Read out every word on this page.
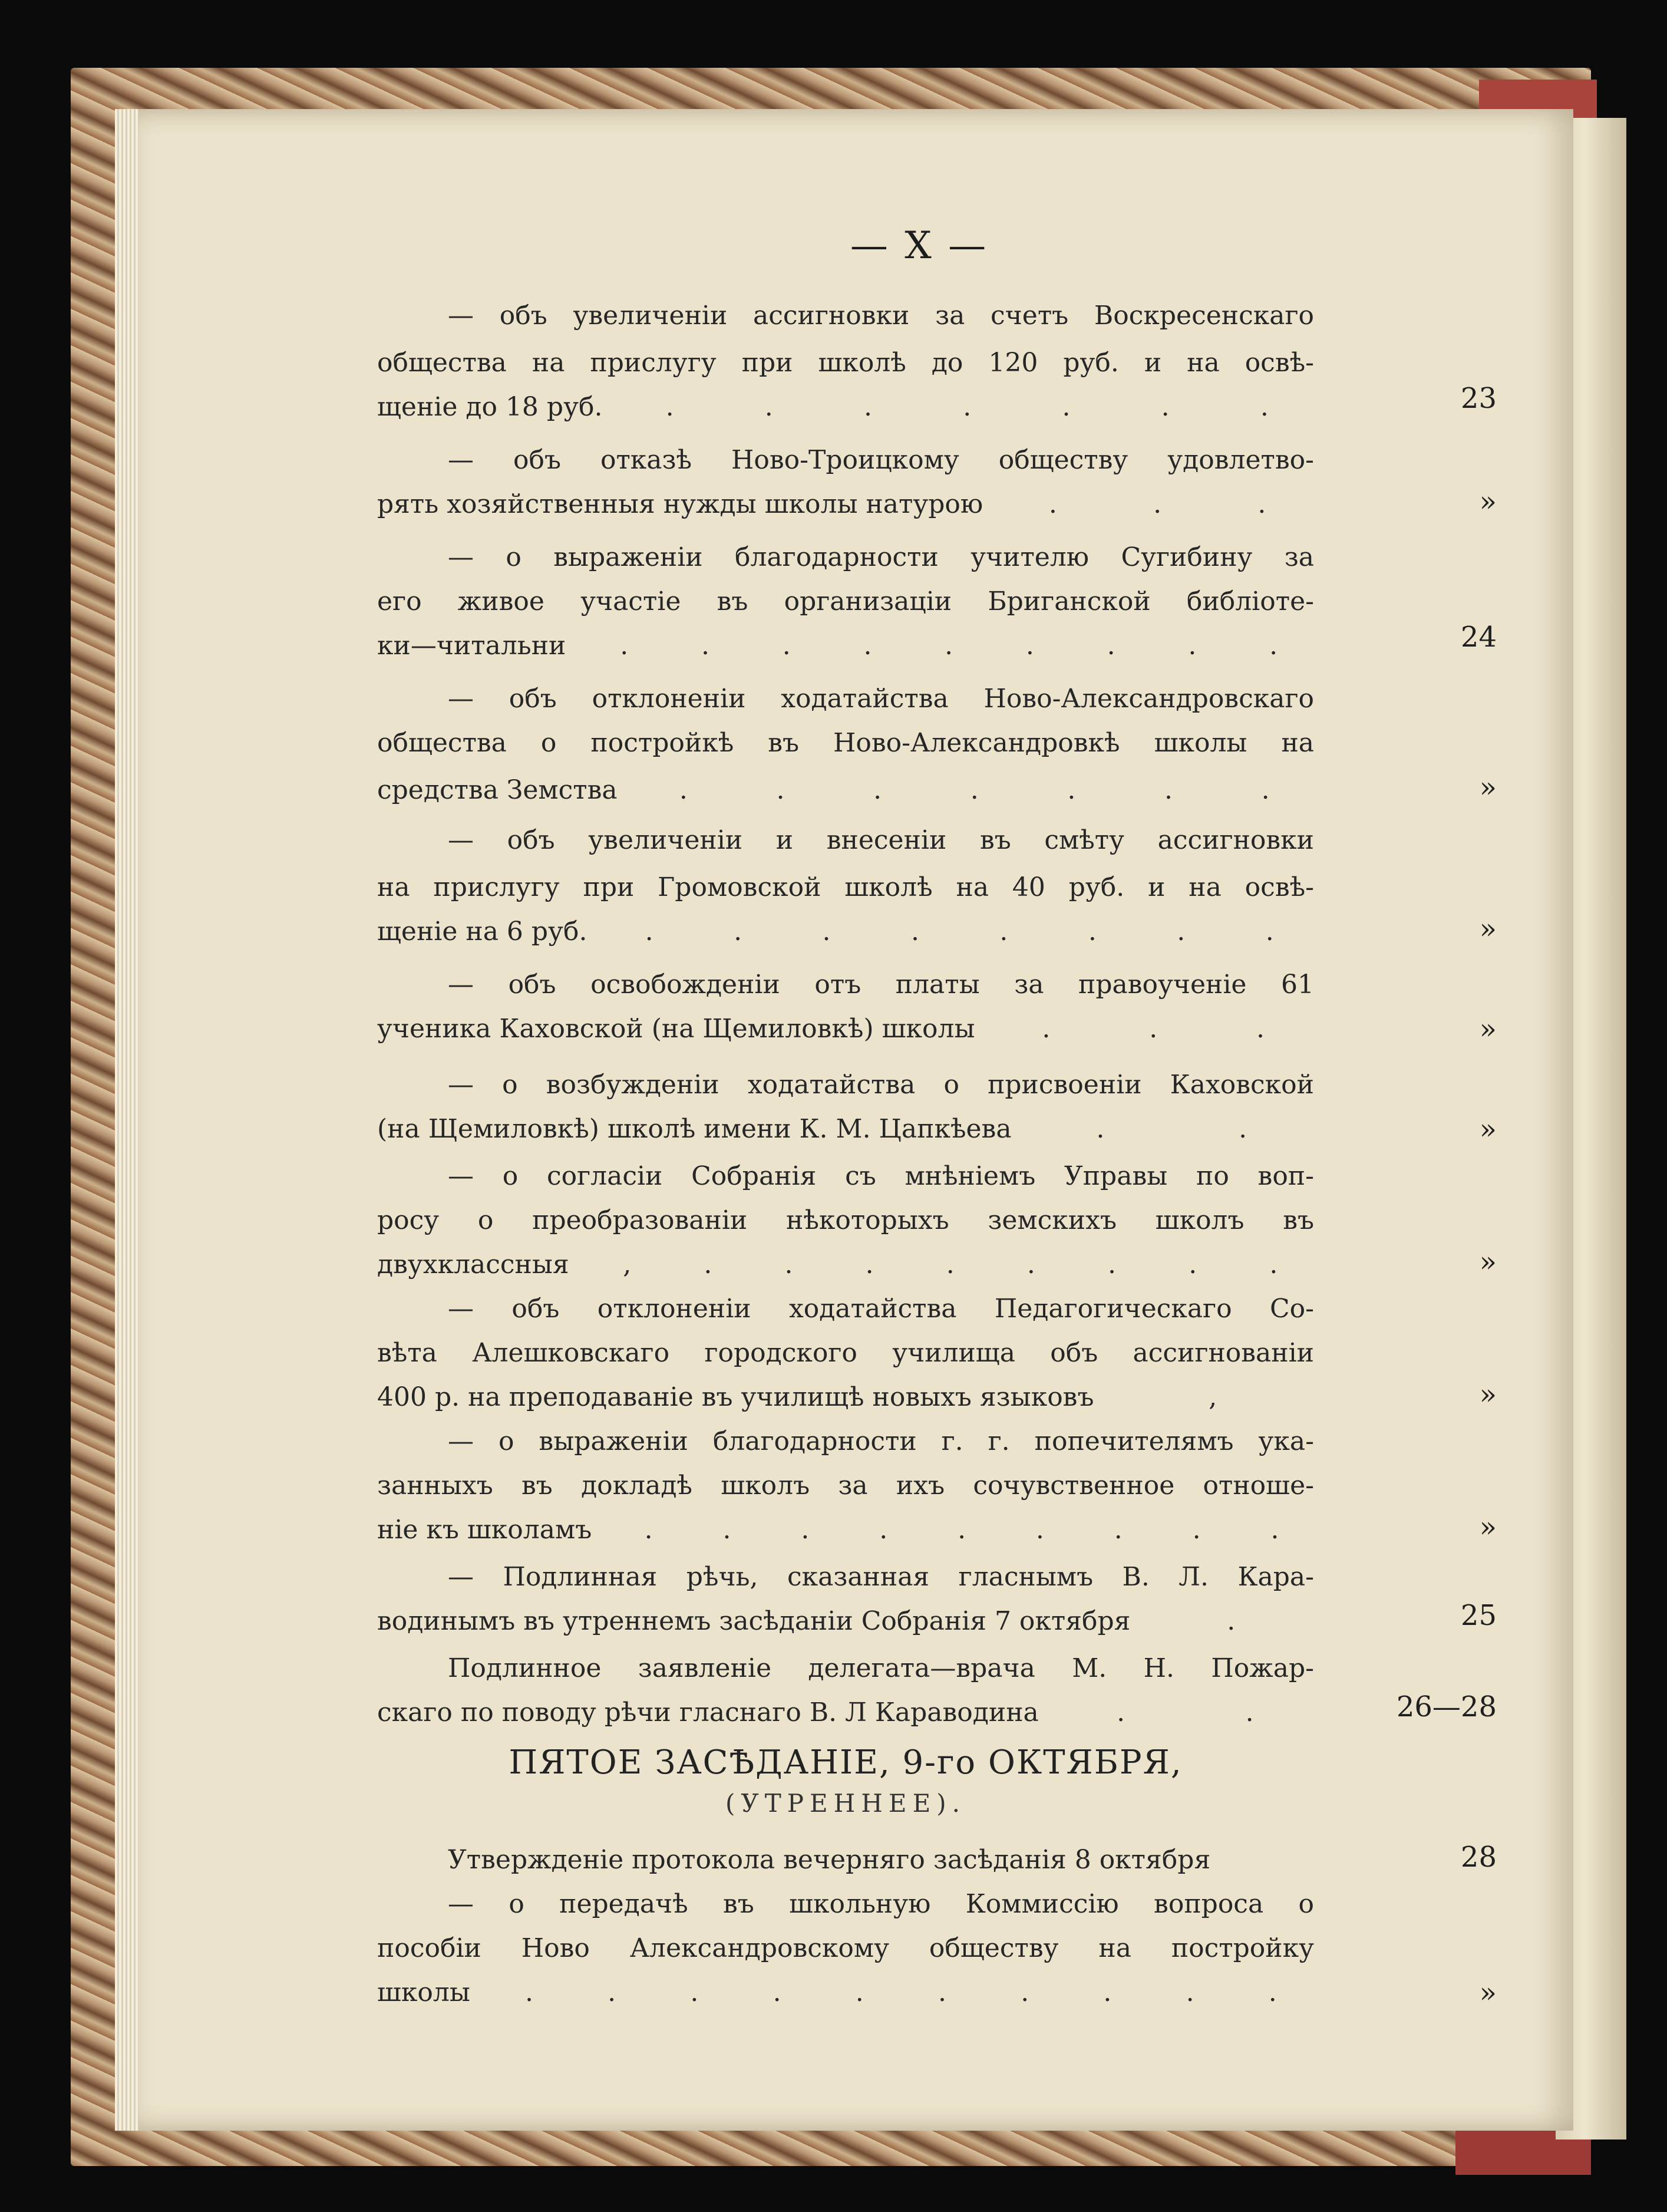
— X —
— объ увеличеніи ассигновки за счетъ Воскресенскаго
общества на прислугу при школѣ до 120 руб. и на освѣ-
щеніе до 18 руб. .	.	.	.	.	.	.	23
— объ отказѣ Ново-Троицкому обществу удовлетво-
рять хозяйственныя нужды школы натурою	.	.	.	»
— о выраженіи благодарности учителю Сугибину за
его живое участіе въ организаціи Бриганской библіоте-
ки—читальни .	.	.	.	.	.	.	.	.	24
— объ отклоненіи ходатайства Ново-Александровскаго
общества о постройкѣ въ Ново-Александровкѣ школы на
средства Земства .	.	.	.	.	.	.	»
— объ увеличеніи и внесеніи въ смѣту ассигновки
на прислугу при Громовской школѣ на 40 руб. и на освѣ-
щеніе на 6 руб. .	.	.	.	.	.	.	.	»
— объ освобожденіи отъ платы за правоученіе 61
ученика Каховской (на Щемиловкѣ) школы	.	.	.	»
— о возбужденіи ходатайства о присвоеніи Каховской
(на Щемиловкѣ) школѣ имени К. М. Цапкѣева	.	.	»
— о согласіи Собранія съ мнѣніемъ Управы по воп-
росу о преобразованіи нѣкоторыхъ земскихъ школъ въ
двухклассныя ,	.	.	.	.	.	.	.	.	»
— объ отклоненіи ходатайства Педагогическаго Со-
вѣта Алешковскаго городского училища объ ассигнованіи
400 р. на преподаваніе въ училищѣ новыхъ языковъ	,	»
— о выраженіи благодарности г. г. попечителямъ ука-
занныхъ въ докладѣ школъ за ихъ сочувственное отноше-
ніе къ школамъ .	.	.	.	.	.	.	.	.	»
— Подлинная рѣчь, сказанная гласнымъ В. Л. Кара-
водинымъ въ утреннемъ засѣданіи Собранія 7 октября	.	25
Подлинное заявленіе делегата—врача М. Н. Пожар-
скаго по поводу рѣчи гласнаго В. Л Караводина	.	.	26—28
ПЯТОЕ ЗАСѢДАНІЕ, 9-го ОКТЯБРЯ,
(УТРЕННЕЕ).
Утвержденіе протокола вечерняго засѣданія 8 октября	28
— о передачѣ въ школьную Коммиссію вопроса о
пособіи Ново Александровскому обществу на постройку
школы .	.	.	.	.	.	.	.	.	.	»
